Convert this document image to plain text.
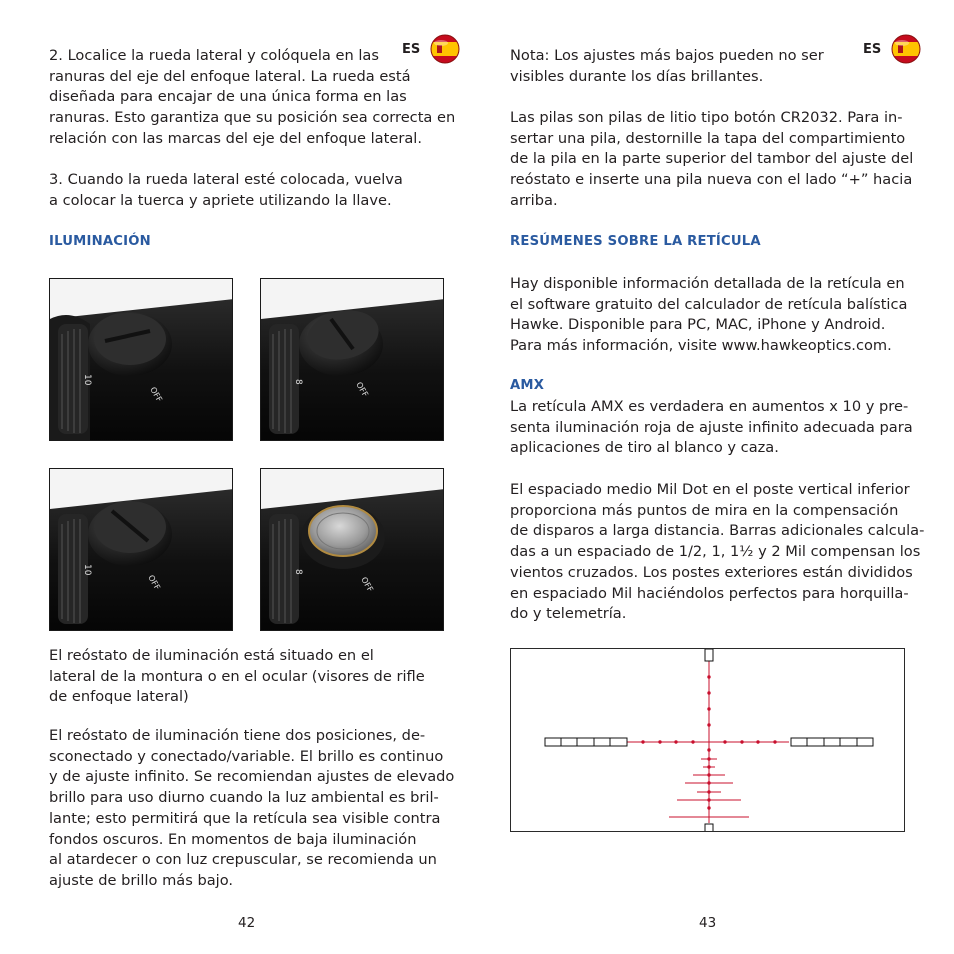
2. Localice la rueda lateral y colóquela en las
ranuras del eje del enfoque lateral. La rueda está
diseñada para encajar de una única forma en las
ranuras. Esto garantiza que su posición sea correcta en
relación con las marcas del eje del enfoque lateral.

ES

3. Cuando la rueda lateral esté colocada, vuelva
a colocar la tuerca y apriete utilizando la llave.

ILUMINACIÓN
OFF
10
OFF
8
OFF
10
OFF
8

El reóstato de iluminación está situado en el
lateral de la montura o en el ocular (visores de rifle
de enfoque lateral)

El reóstato de iluminación tiene dos posiciones, de-
sconectado y conectado/variable. El brillo es continuo
y de ajuste infinito. Se recomiendan ajustes de elevado
brillo para uso diurno cuando la luz ambiental es bril-
lante; esto permitirá que la retícula sea visible contra
fondos oscuros. En momentos de baja iluminación
al atardecer o con luz crepuscular, se recomienda un
ajuste de brillo más bajo.

42

Nota: Los ajustes más bajos pueden no ser
visibles durante los días brillantes.

ES

Las pilas son pilas de litio tipo botón CR2032. Para in-
sertar una pila, destornille la tapa del compartimiento
de la pila en la parte superior del tambor del ajuste del
reóstato e inserte una pila nueva con el lado “+” hacia
arriba.

RESÚMENES SOBRE LA RETÍCULA

Hay disponible información detallada de la retícula en
el software gratuito del calculador de retícula balística
Hawke. Disponible para PC, MAC, iPhone y Android.
Para más información, visite www.hawkeoptics.com.

AMX

La retícula AMX es verdadera en aumentos x 10 y pre-
senta iluminación roja de ajuste infinito adecuada para
aplicaciones de tiro al blanco y caza.

El espaciado medio Mil Dot en el poste vertical inferior
proporciona más puntos de mira en la compensación
de disparos a larga distancia. Barras adicionales calcula-
das a un espaciado de 1/2, 1, 1½ y 2 Mil compensan los
vientos cruzados. Los postes exteriores están divididos
en espaciado Mil haciéndolos perfectos para horquilla-
do y telemetría.

43
